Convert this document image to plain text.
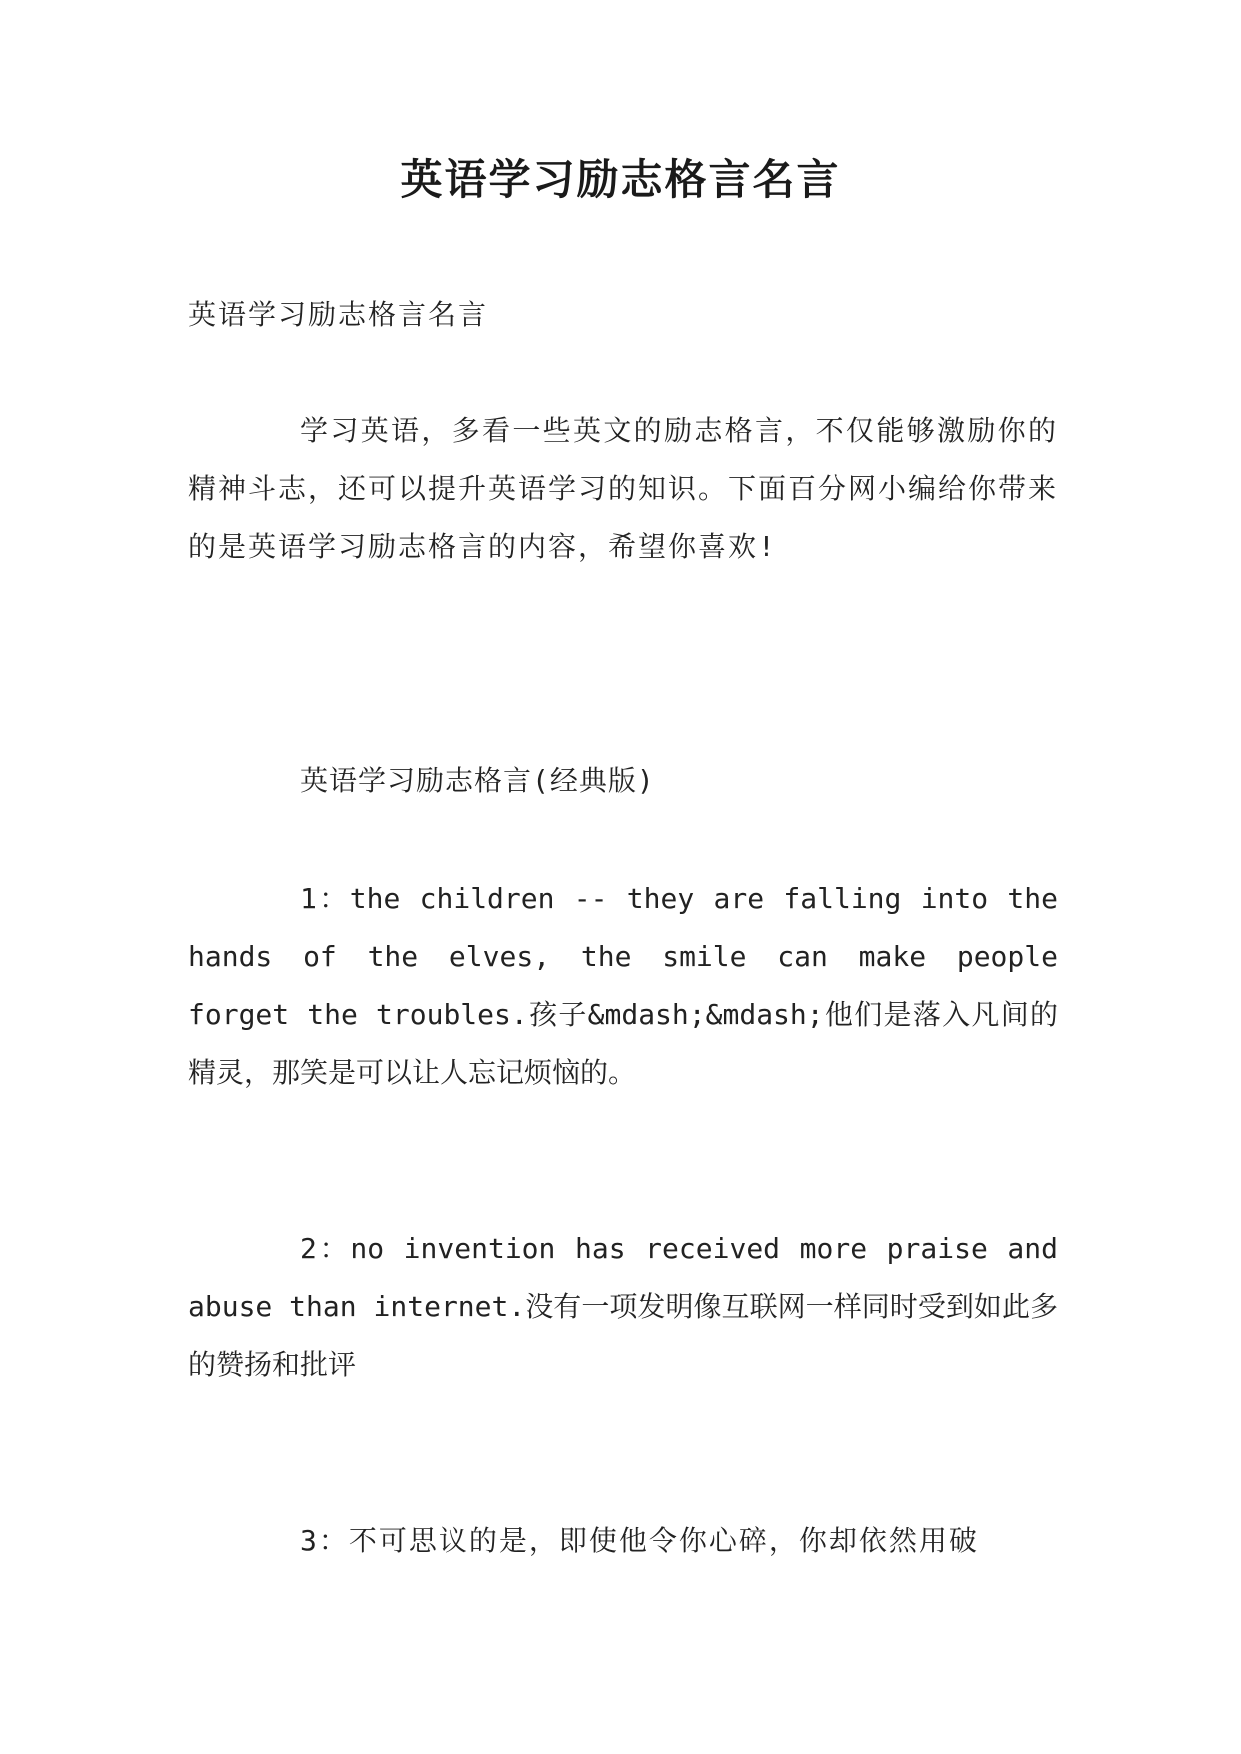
英语学习励志格言名言

英语学习励志格言名言

学习英语，多看一些英文的励志格言，不仅能够激励你的精神斗志，还可以提升英语学习的知识。下面百分网小编给你带来的是英语学习励志格言的内容，希望你喜欢!

英语学习励志格言(经典版)

1：the children -- they are falling into the hands of the elves, the smile can make people forget the troubles.孩子&mdash;&mdash;他们是落入凡间的精灵，那笑是可以让人忘记烦恼的。

2：no invention has received more praise and abuse than internet.没有一项发明像互联网一样同时受到如此多的赞扬和批评

3：不可思议的是，即使他令你心碎，你却依然用破
